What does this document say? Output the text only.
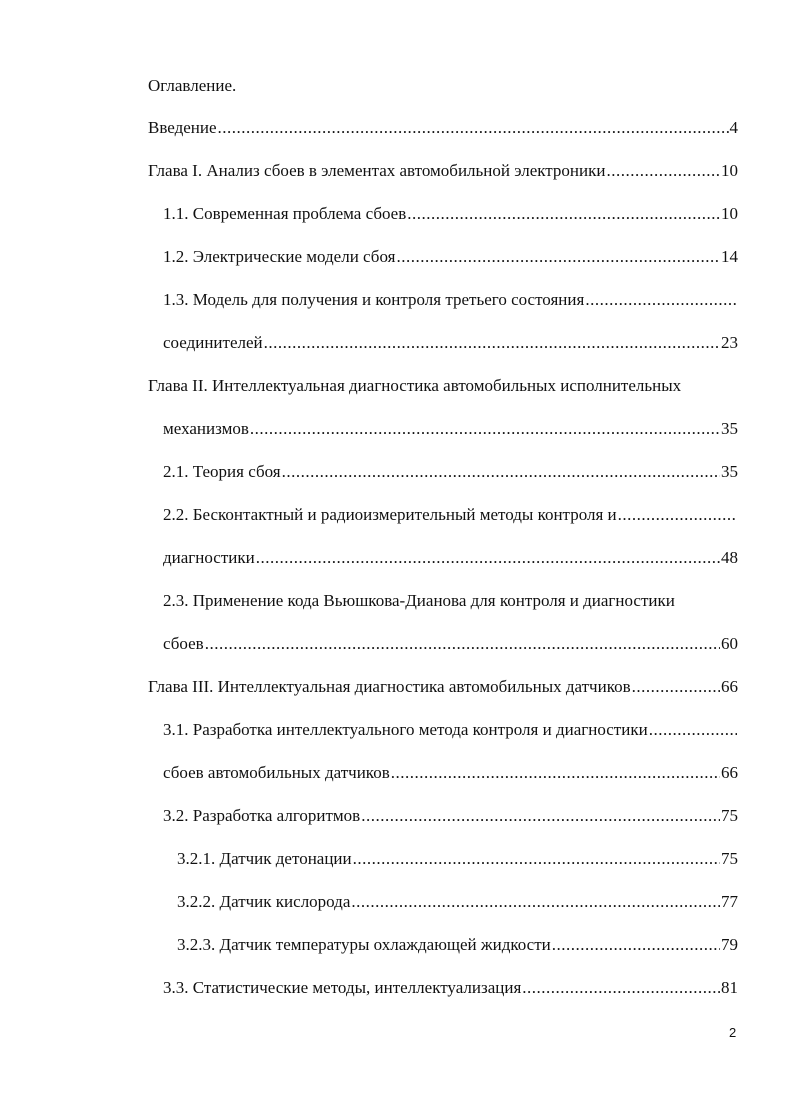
Оглавление.
Введение .....	4
Глава I. Анализ сбоев в элементах автомобильной электроники .....	10
1.1. Современная проблема сбоев .....	10
1.2. Электрические модели сбоя .....	14
1.3. Модель для получения и контроля третьего состояния
.....
соединителей .....	23
Глава II. Интеллектуальная диагностика автомобильных исполнительных
механизмов .....	35
2.1. Теория сбоя .....	35
2.2. Бесконтактный и радиоизмерительный методы контроля и
.....
диагностики .....	48
2.3. Применение кода Вьюшкова-Дианова для контроля и диагностики
сбоев .....	60
Глава III. Интеллектуальная диагностика автомобильных датчиков .....	66
3.1. Разработка интеллектуального метода контроля и диагностики
.....
сбоев автомобильных датчиков .....	66
3.2. Разработка алгоритмов .....	75
3.2.1. Датчик детонации .....	75
3.2.2. Датчик кислорода .....	77
3.2.3. Датчик температуры охлаждающей жидкости .....	79
3.3. Статистические методы, интеллектуализация .....	81
2
